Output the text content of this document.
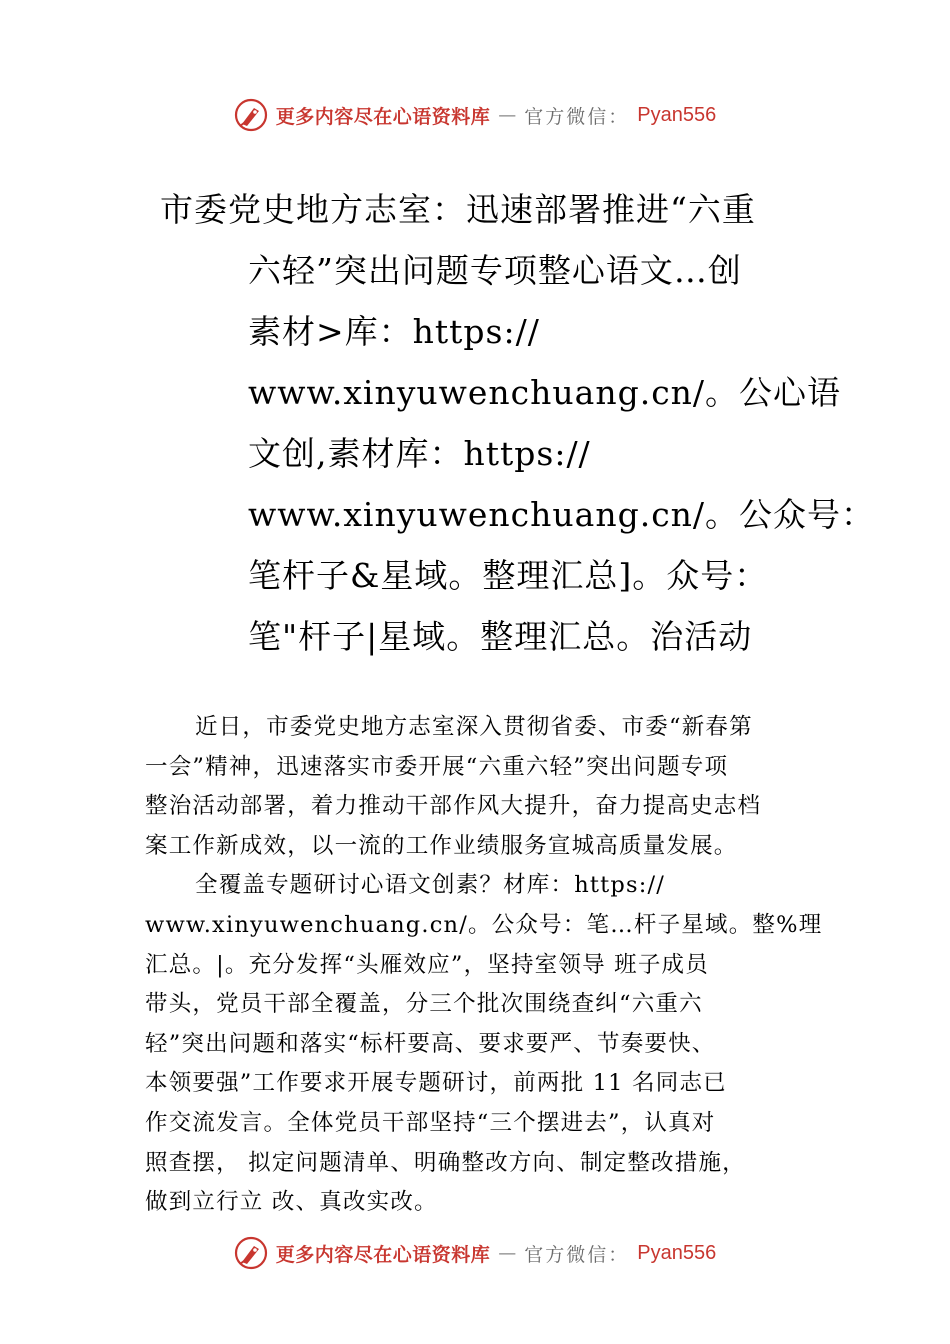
更多内容尽在心语资料库 — 官方微信： Pyan556
市委党史地方志室：迅速部署推进“六重
六轻”突出问题专项整心语文…创
素材>库：https://
www.xinyuwenchuang.cn/。公心语
文创,素材库：https://
www.xinyuwenchuang.cn/。公众号：
笔杆子&星域。整理汇总]。众号：
笔"杆子|星域。整理汇总。治活动
近日，市委党史地方志室深入贯彻省委、市委“新春第
一会”精神，迅速落实市委开展“六重六轻”突出问题专项
整治活动部署，着力推动干部作风大提升，奋力提高史志档
案工作新成效，以一流的工作业绩服务宣城高质量发展。
全覆盖专题研讨心语文创素？材库：https://
www.xinyuwenchuang.cn/。公众号：笔…杆子星域。整%理
汇总。|。充分发挥“头雁效应”，坚持室领导 班子成员
带头，党员干部全覆盖，分三个批次围绕查纠“六重六
轻”突出问题和落实“标杆要高、要求要严、节奏要快、
本领要强”工作要求开展专题研讨，前两批 11 名同志已
作交流发言。全体党员干部坚持“三个摆进去”，认真对
照查摆， 拟定问题清单、明确整改方向、制定整改措施，
做到立行立 改、真改实改。
更多内容尽在心语资料库 — 官方微信： Pyan556
